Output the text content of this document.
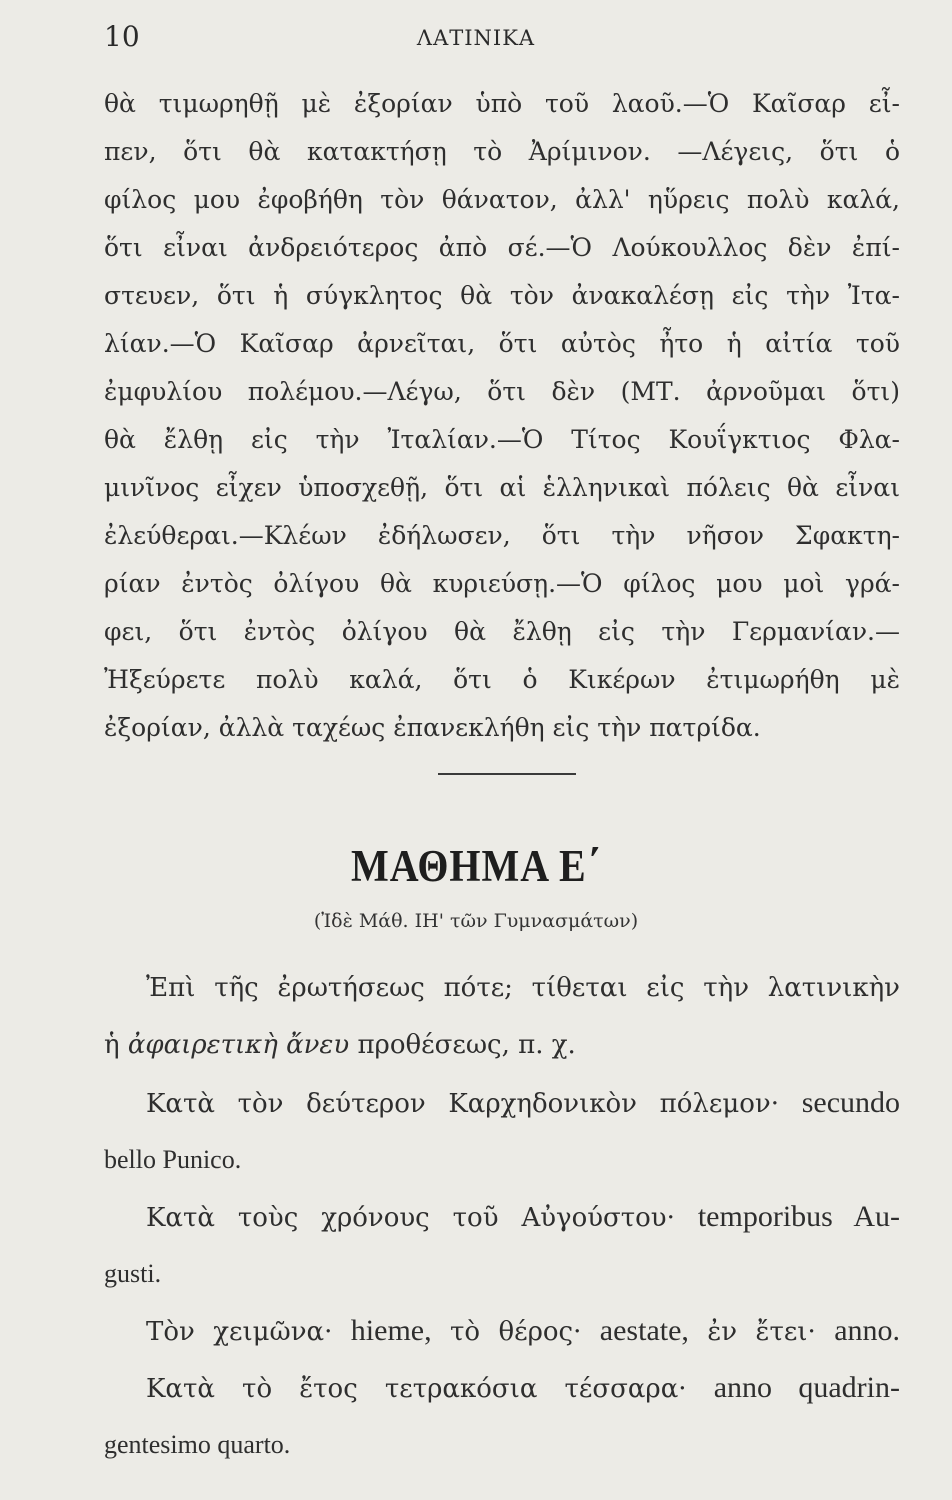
10	ΛΑΤΙΝΙΚΑ
θὰ τιμωρηθῇ μὲ ἐξορίαν ὑπὸ τοῦ λαοῦ.—Ὁ Καῖσαρ εἶ-
πεν, ὅτι θὰ κατακτήσῃ τὸ Ἀρίμινον. —Λέγεις, ὅτι ὁ
φίλος μου ἐφοβήθη τὸν θάνατον, ἀλλ' ηὕρεις πολὺ καλά,
ὅτι εἶναι ἀνδρειότερος ἀπὸ σέ.—Ὁ Λούκουλλος δὲν ἐπί-
στευεν, ὅτι ἡ σύγκλητος θὰ τὸν ἀνακαλέσῃ εἰς τὴν Ἰτα-
λίαν.—Ὁ Καῖσαρ ἀρνεῖται, ὅτι αὐτὸς ἦτο ἡ αἰτία τοῦ
ἐμφυλίου πολέμου.—Λέγω, ὅτι δὲν (ΜΤ. ἀρνοῦμαι ὅτι)
θὰ ἔλθῃ εἰς τὴν Ἰταλίαν.—Ὁ Τίτος Κουΐγκτιος Φλα-
μινῖνος εἶχεν ὑποσχεθῇ, ὅτι αἱ ἑλληνικαὶ πόλεις θὰ εἶναι
ἐλεύθεραι.—Κλέων ἐδήλωσεν, ὅτι τὴν νῆσον Σφακτη-
ρίαν ἐντὸς ὀλίγου θὰ κυριεύσῃ.—Ὁ φίλος μου μοὶ γρά-
φει, ὅτι ἐντὸς ὀλίγου θὰ ἔλθῃ εἰς τὴν Γερμανίαν.—
Ἠξεύρετε πολὺ καλά, ὅτι ὁ Κικέρων ἐτιμωρήθη μὲ
ἐξορίαν, ἀλλὰ ταχέως ἐπανεκλήθη εἰς τὴν πατρίδα.
ΜΑΘΗΜΑ Ε΄
(Ἰδὲ Μάθ. ΙΗ' τῶν Γυμνασμάτων)
Ἐπὶ τῆς ἐρωτήσεως πότε; τίθεται εἰς τὴν λατινικὴν
ἡ ἀφαιρετικὴ ἄνευ προθέσεως, π. χ.
Κατὰ τὸν δεύτερον Καρχηδονικὸν πόλεμον· secundo
bello Punico.
Κατὰ τοὺς χρόνους τοῦ Αὐγούστου· temporibus Au-
gusti.
Τὸν χειμῶνα· hieme, τὸ θέρος· aestate, ἐν ἔτει· anno.
Κατὰ τὸ ἔτος τετρακόσια τέσσαρα· anno quadrin-
gentesimo quarto.
